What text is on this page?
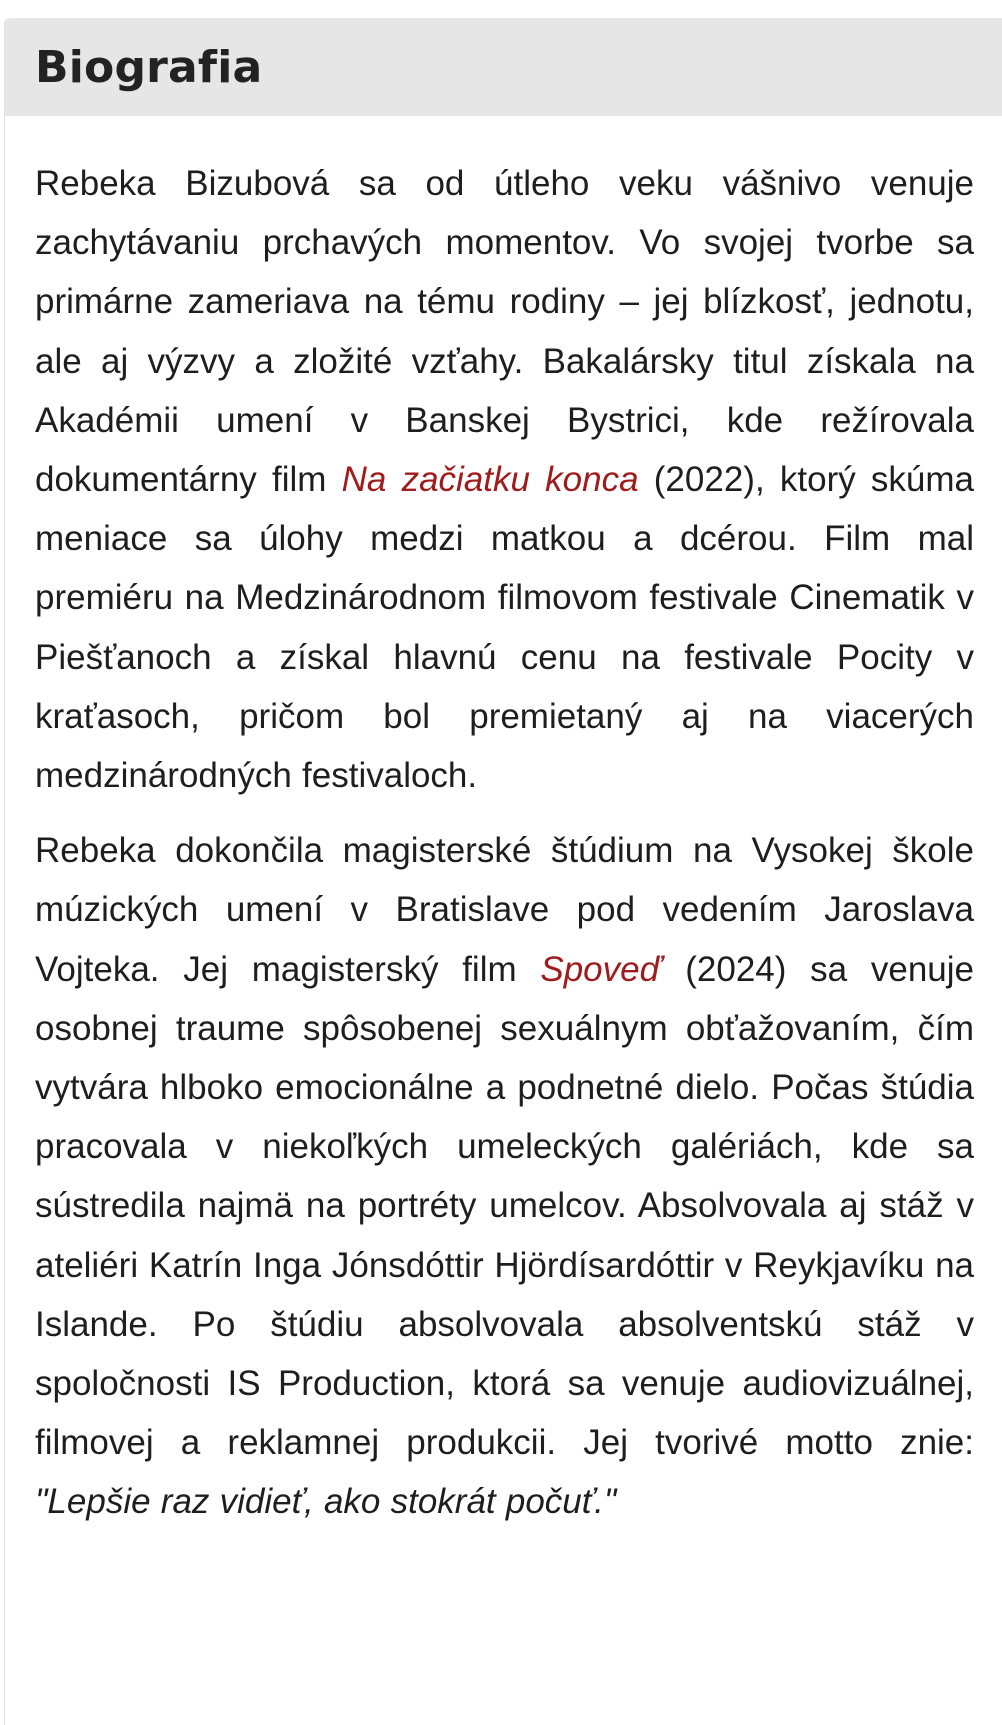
Biografia

Rebeka Bizubová sa od útleho veku vášnivo venuje zachytávaniu prchavých momentov. Vo svojej tvorbe sa primárne zameriava na tému rodiny – jej blízkosť, jednotu, ale aj výzvy a zložité vzťahy. Bakalársky titul získala na Akadémii umení v Banskej Bystrici, kde režírovala dokumentárny film Na začiatku konca (2022), ktorý skúma meniace sa úlohy medzi matkou a dcérou. Film mal premiéru na Medzinárodnom filmovom festivale Cinematik v Piešťanoch a získal hlavnú cenu na festivale Pocity v kraťasoch, pričom bol premietaný aj na viacerých medzinárodných festivaloch.

Rebeka dokončila magisterské štúdium na Vysokej škole múzických umení v Bratislave pod vedením Jaroslava Vojteka. Jej magisterský film Spoveď (2024) sa venuje osobnej traume spôsobenej sexuálnym obťažovaním, čím vytvára hlboko emocionálne a podnetné dielo. Počas štúdia pracovala v niekoľkých umeleckých galériách, kde sa sústredila najmä na portréty umelcov. Absolvovala aj stáž v ateliéri Katrín Inga Jónsdóttir Hjördísardóttir v Reykjavíku na Islande. Po štúdiu absolvovala absolventskú stáž v spoločnosti IS Production, ktorá sa venuje audiovizuálnej, filmovej a reklamnej produkcii. Jej tvorivé motto znie: "Lepšie raz vidieť, ako stokrát počuť."
